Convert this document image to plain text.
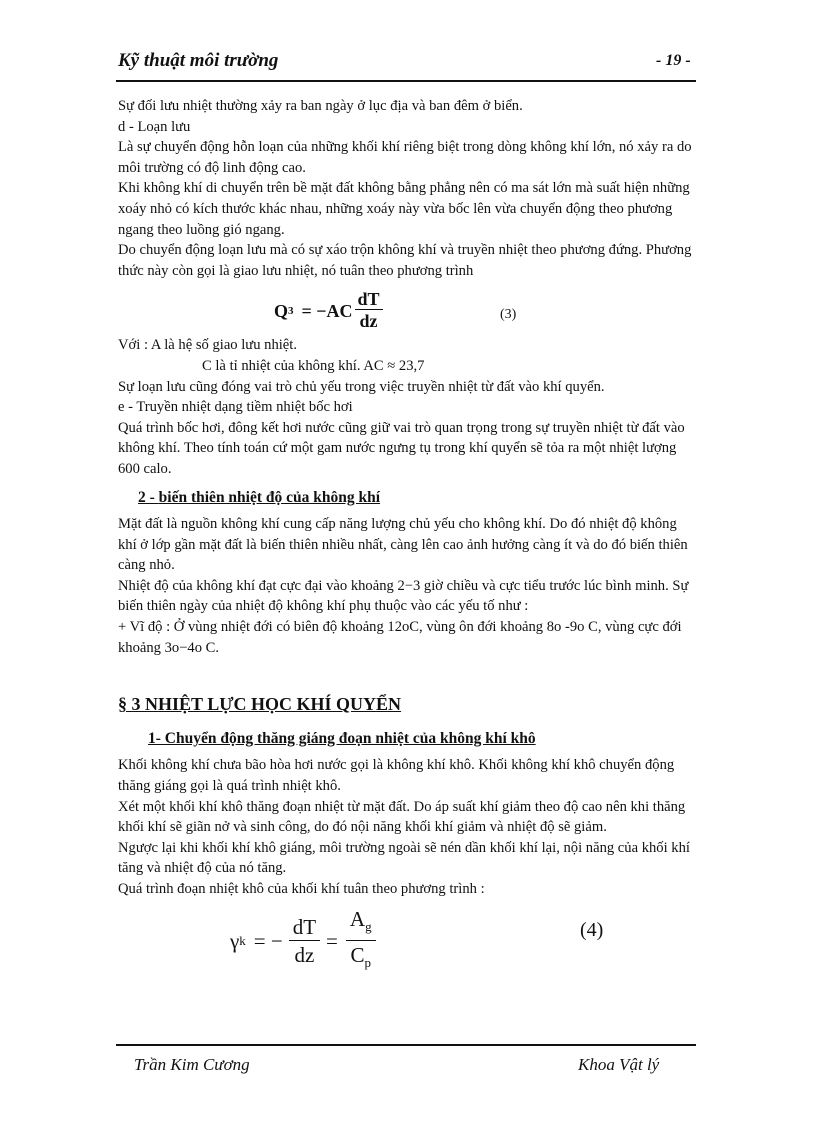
Kỹ thuật môi trường	- 19 -

Sự đối lưu nhiệt thường xảy ra ban ngày ở lục địa và ban đêm ở biển.

d - Loạn lưu

Là sự chuyển động hỗn loạn của những khối khí riêng biệt trong dòng không khí lớn, nó xảy ra do môi trường có độ linh động cao.

Khi không khí di chuyển trên bề mặt đất không bằng phẳng nên có ma sát lớn mà suất hiện những xoáy nhỏ có kích thước khác nhau, những xoáy này vừa bốc lên vừa chuyển động theo phương ngang theo luồng gió ngang.

Do chuyển động loạn lưu mà có sự xáo trộn không khí và truyền nhiệt theo phương đứng. Phương thức này còn gọi là giao lưu nhiệt, nó tuân theo phương trình

Q $3 = -AC \frac{dT}{dz}$	(3)

Với : A là hệ số giao lưu nhiệt.

C là tỉ nhiệt của không khí. AC ≈ 23,7

Sự loạn lưu cũng đóng vai trò chủ yếu trong việc truyền nhiệt từ đất vào khí quyển.

e - Truyền nhiệt dạng tiềm nhiệt bốc hơi

Quá trình bốc hơi, đông kết hơi nước cũng giữ vai trò quan trọng trong sự truyền nhiệt từ đất vào không khí. Theo tính toán cứ một gam nước ngưng tụ trong khí quyển sẽ tỏa ra một nhiệt lượng 600 calo.

2 - biến thiên nhiệt độ của không khí

Mặt đất là nguồn không khí cung cấp năng lượng chủ yếu cho không khí. Do đó nhiệt độ không khí ở lớp gần mặt đất là biến thiên nhiều nhất, càng lên cao ảnh hưởng càng ít và do đó biến thiên càng nhỏ.

Nhiệt độ của không khí đạt cực đại vào khoảng 2−3 giờ chiều và cực tiểu trước lúc bình minh. Sự biến thiên ngày của nhiệt độ không khí phụ thuộc vào các yếu tố như :

+ Vĩ độ : Ở vùng nhiệt đới có biên độ khoảng 12oC, vùng ôn đới khoảng 8o -9o C, vùng cực đới khoảng 3o−4o C.

§ 3 NHIỆT LỰC HỌC KHÍ QUYỂN
1- Chuyển động thăng giáng đoạn nhiệt của không khí khô

Khối không khí chưa bão hòa hơi nước gọi là không khí khô. Khối không khí khô chuyển động thăng giáng gọi là quá trình nhiệt khô.

Xét một khối khí khô thăng đoạn nhiệt từ mặt đất. Do áp suất khí giảm theo độ cao nên khi thăng khối khí sẽ giãn nở và sinh công, do đó nội năng khối khí giảm và nhiệt độ sẽ giảm.

Ngược lại khi khối khí khô giáng, môi trường ngoài sẽ nén dần khối khí lại, nội năng của khối khí tăng và nhiệt độ của nó tăng.

Quá trình đoạn nhiệt khô của khối khí tuân theo phương trình :

γ k = − $\frac{dT}{dz} = \frac{A_g}{C_p}$	(4)
Trần Kim Cương	Khoa Vật lý
